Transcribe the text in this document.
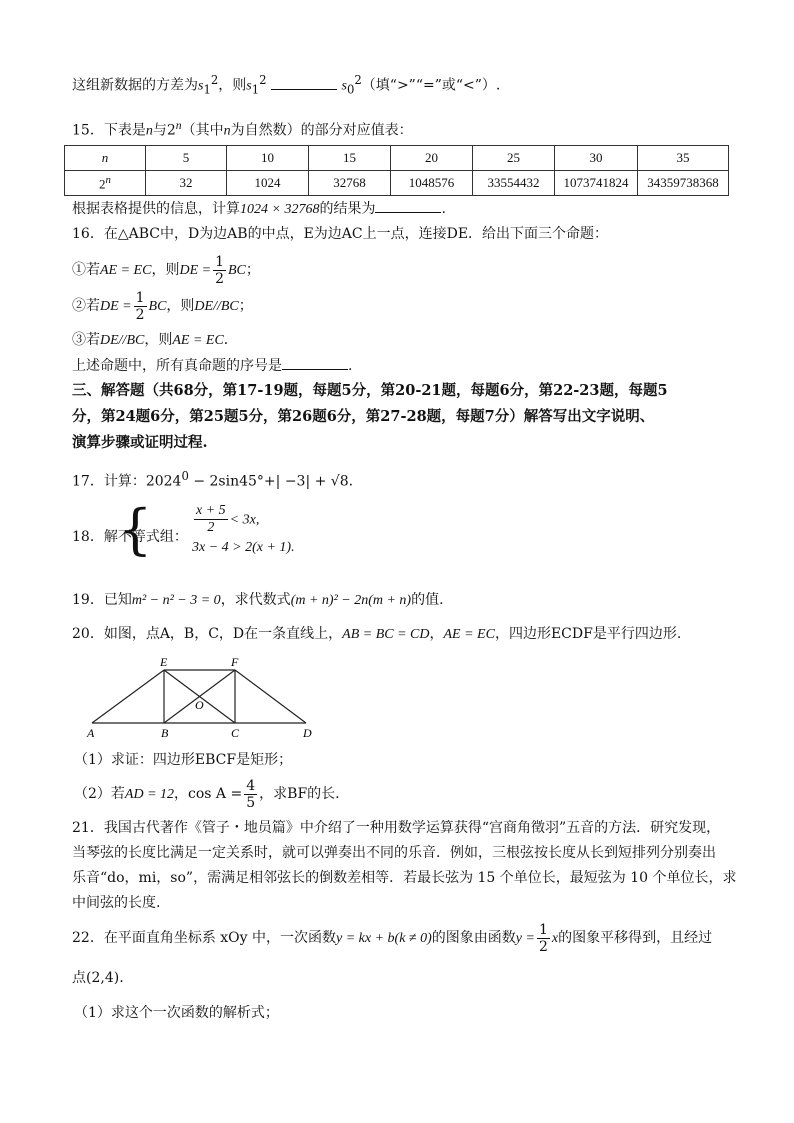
这组新数据的方差为$s_1^2$，则$s_1^2$	$s_0^2$（填“>”“=”或“<”）.
15．下表是n与2$^n$（其中n为自然数）的部分对应值表：
n	5	10	15	20	25	30	35
2$^n$	32	1024	32768	1048576	33554432	1073741824	34359738368
根据表格提供的信息，计算1024 × 32768的结果为	.
16．在△ABC中，D为边AB的中点，E为边AC上一点，连接DE．给出下面三个命题：
①若AE = EC，则DE = $\frac{1}{2}$ BC；
②若DE = $\frac{1}{2}$ BC，则DE//BC；
③若DE//BC，则AE = EC．
上述命题中，所有真命题的序号是	.
三、解答题（共68分，第17-19题，每题5分，第20-21题，每题6分，第22-23题，每题5
分，第24题6分，第25题5分，第26题6分，第27-28题，每题7分）解答写出文字说明、
演算步骤或证明过程.
17．计算：$2024^0 - 2\sin 45^\circ+| -3| + √8$.
18．解不等式组：
{	$\frac{x + 5}{2} < 3x$,
3x − 4 > 2(x + 1).
19．已知m² − n² − 3 = 0，求代数式(m + n)² − 2n(m + n)的值.
20．如图，点A，B，C，D在一条直线上，AB = BC = CD，AE = EC，四边形ECDF是平行四边形.
E	F
O
A	B	C	D
（1）求证：四边形EBCF是矩形；
（2）若AD = 12，$\cos A = \frac{4}{5}$ ，求BF的长.
21．我国古代著作《管子・地员篇》中介绍了一种用数学运算获得“宫商角徵羽”五音的方法．研究发现，
当琴弦的长度比满足一定关系时，就可以弹奏出不同的乐音．例如，三根弦按长度从长到短排列分别奏出
乐音“do，mi，so”，需满足相邻弦长的倒数差相等．若最长弦为 15 个单位长，最短弦为 10 个单位长，求
中间弦的长度.
22．在平面直角坐标系 xOy 中，一次函数y = kx + b(k ≠ 0)的图象由函数$y = \frac{1}{2}$ x的图象平移得到，且经过
点(2,4).
（1）求这个一次函数的解析式；
